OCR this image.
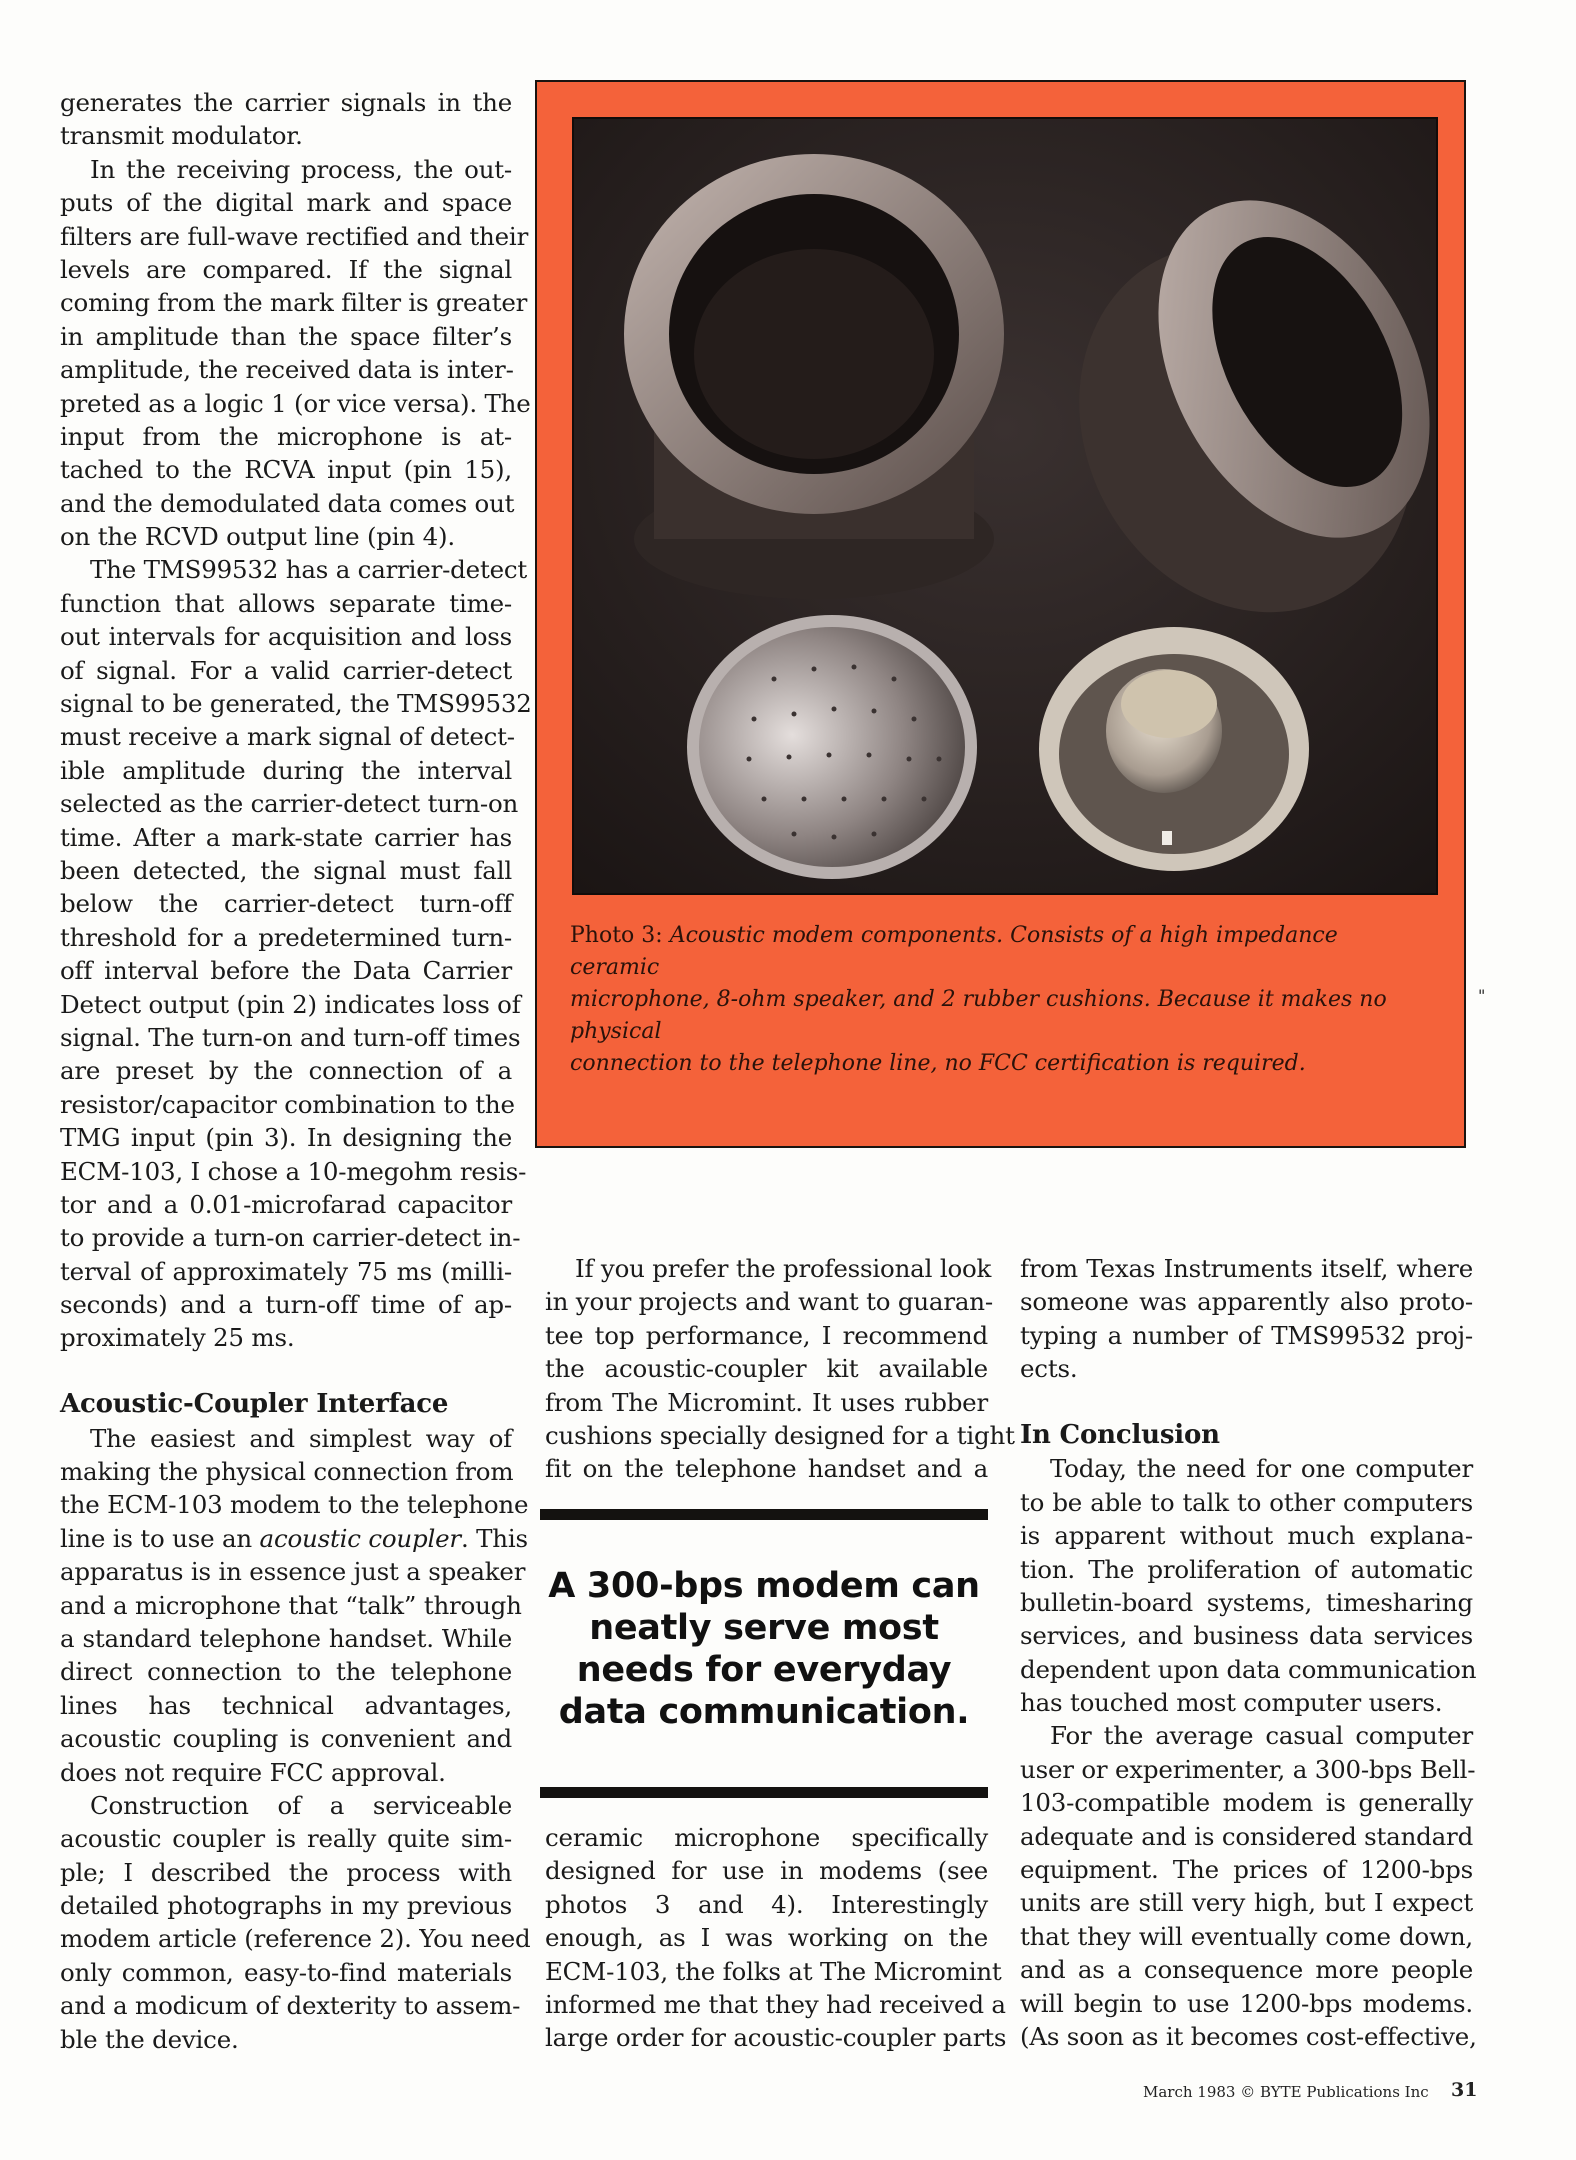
generates the carrier signals in the
transmit modulator.
In the receiving process, the out-
puts of the digital mark and space
filters are full-wave rectified and their
levels are compared. If the signal
coming from the mark filter is greater
in amplitude than the space filter’s
amplitude, the received data is inter-
preted as a logic 1 (or vice versa). The
input from the microphone is at-
tached to the RCVA input (pin 15),
and the demodulated data comes out
on the RCVD output line (pin 4).
The TMS99532 has a carrier-detect
function that allows separate time-
out intervals for acquisition and loss
of signal. For a valid carrier-detect
signal to be generated, the TMS99532
must receive a mark signal of detect-
ible amplitude during the interval
selected as the carrier-detect turn-on
time. After a mark-state carrier has
been detected, the signal must fall
below the carrier-detect turn-off
threshold for a predetermined turn-
off interval before the Data Carrier
Detect output (pin 2) indicates loss of
signal. The turn-on and turn-off times
are preset by the connection of a
resistor/capacitor combination to the
TMG input (pin 3). In designing the
ECM-103, I chose a 10-megohm resis-
tor and a 0.01-microfarad capacitor
to provide a turn-on carrier-detect in-
terval of approximately 75 ms (milli-
seconds) and a turn-off time of ap-
proximately 25 ms.
Acoustic-Coupler Interface
The easiest and simplest way of
making the physical connection from
the ECM-103 modem to the telephone
line is to use an acoustic coupler. This
apparatus is in essence just a speaker
and a microphone that “talk” through
a standard telephone handset. While
direct connection to the telephone
lines has technical advantages,
acoustic coupling is convenient and
does not require FCC approval.
Construction of a serviceable
acoustic coupler is really quite sim-
ple; I described the process with
detailed photographs in my previous
modem article (reference 2). You need
only common, easy-to-find materials
and a modicum of dexterity to assem-
ble the device.
Photo 3: Acoustic modem components. Consists of a high impedance ceramic
microphone, 8-ohm speaker, and 2 rubber cushions. Because it makes no physical
connection to the telephone line, no FCC certification is required.
"
If you prefer the professional look
in your projects and want to guaran-
tee top performance, I recommend
the acoustic-coupler kit available
from The Micromint. It uses rubber
cushions specially designed for a tight
fit on the telephone handset and a
A 300-bps modem can
neatly serve most
needs for everyday
data communication.
ceramic microphone specifically
designed for use in modems (see
photos 3 and 4). Interestingly
enough, as I was working on the
ECM-103, the folks at The Micromint
informed me that they had received a
large order for acoustic-coupler parts
from Texas Instruments itself, where
someone was apparently also proto-
typing a number of TMS99532 proj-
ects.
In Conclusion
Today, the need for one computer
to be able to talk to other computers
is apparent without much explana-
tion. The proliferation of automatic
bulletin-board systems, timesharing
services, and business data services
dependent upon data communication
has touched most computer users.
For the average casual computer
user or experimenter, a 300-bps Bell-
103-compatible modem is generally
adequate and is considered standard
equipment. The prices of 1200-bps
units are still very high, but I expect
that they will eventually come down,
and as a consequence more people
will begin to use 1200-bps modems.
(As soon as it becomes cost-effective,
March 1983 © BYTE Publications Inc 31
